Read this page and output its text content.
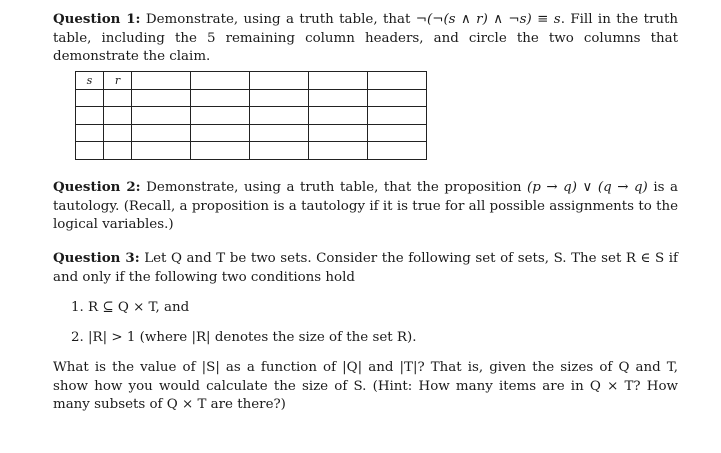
Question 1: Demonstrate, using a truth table, that ¬(¬(s ∧ r) ∧ ¬s) ≡ s. Fill in the truth table, including the 5 remaining column headers, and circle the two columns that demonstrate the claim.

s	r					

Question 2: Demonstrate, using a truth table, that the proposition (p → q) ∨ (q → q) is a tautology. (Recall, a proposition is a tautology if it is true for all possible assignments to the logical variables.)

Question 3: Let Q and T be two sets. Consider the following set of sets, S. The set R ∈ S if and only if the following two conditions hold

1. R ⊆ Q × T, and
2. |R| > 1 (where |R| denotes the size of the set R).

What is the value of |S| as a function of |Q| and |T|? That is, given the sizes of Q and T, show how you would calculate the size of S. (Hint: How many items are in Q × T? How many subsets of Q × T are there?)
